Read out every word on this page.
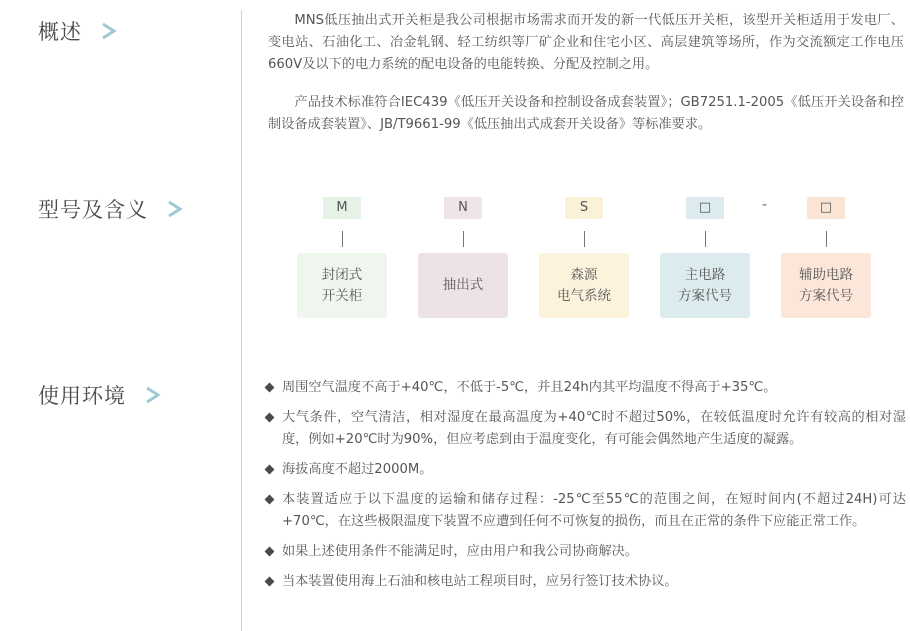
概述	MNS低压抽出式开关柜是我公司根据市场需求而开发的新一代低压开关柜，该型开关柜适用于发电厂、变电站、石油化工、冶金轧钢、轻工纺织等厂矿企业和住宅小区、高层建筑等场所，作为交流额定工作电压660V及以下的电力系统的配电设备的电能转换、分配及控制之用。

产品技术标准符合IEC439《低压开关设备和控制设备成套装置》；GB7251.1-2005《低压开关设备和控制设备成套装置》、JB/T9661-99《低压抽出式成套开关设备》等标准要求。

型号及含义	M	N	S	□	-	□
封闭式
开关柜
抽出式
森源
电气系统
主电路
方案代号
辅助电路
方案代号
使用环境	周围空气温度不高于+40℃，不低于-5℃，并且24h内其平均温度不得高于+35℃。
大气条件，空气清洁，相对湿度在最高温度为+40℃时不超过50%，在较低温度时允许有较高的相对湿度，例如+20℃时为90%，但应考虑到由于温度变化，有可能会偶然地产生适度的凝露。
海拔高度不超过2000M。
本装置适应于以下温度的运输和储存过程：-25℃至55℃的范围之间，在短时间内(不超过24H)可达+70℃，在这些极限温度下装置不应遭到任何不可恢复的损伤，而且在正常的条件下应能正常工作。
如果上述使用条件不能满足时，应由用户和我公司协商解决。
当本装置使用海上石油和核电站工程项目时，应另行签订技术协议。
